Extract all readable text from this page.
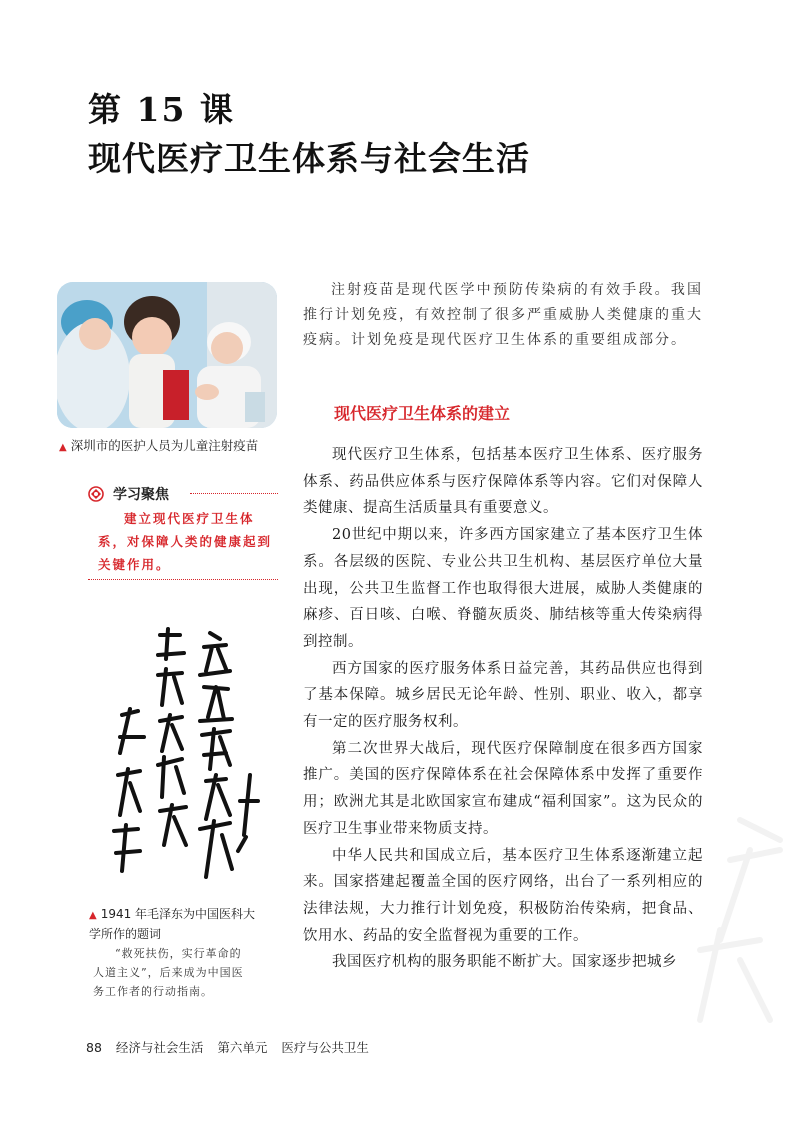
第 15 课
现代医疗卫生体系与社会生活
▲ 深圳市的医护人员为儿童注射疫苗
学习聚焦
建立现代医疗卫生体系，对保障人类的健康起到关键作用。
▲ 1941 年毛泽东为中国医科大学所作的题词
“救死扶伤，实行革命的人道主义”，后来成为中国医务工作者的行动指南。
注射疫苗是现代医学中预防传染病的有效手段。我国推行计划免疫，有效控制了很多严重威胁人类健康的重大疫病。计划免疫是现代医疗卫生体系的重要组成部分。
现代医疗卫生体系的建立

现代医疗卫生体系，包括基本医疗卫生体系、医疗服务体系、药品供应体系与医疗保障体系等内容。它们对保障人类健康、提高生活质量具有重要意义。

20世纪中期以来，许多西方国家建立了基本医疗卫生体系。各层级的医院、专业公共卫生机构、基层医疗单位大量出现，公共卫生监督工作也取得很大进展，威胁人类健康的麻疹、百日咳、白喉、脊髓灰质炎、肺结核等重大传染病得到控制。

西方国家的医疗服务体系日益完善，其药品供应也得到了基本保障。城乡居民无论年龄、性别、职业、收入，都享有一定的医疗服务权利。

第二次世界大战后，现代医疗保障制度在很多西方国家推广。美国的医疗保障体系在社会保障体系中发挥了重要作用；欧洲尤其是北欧国家宣布建成“福利国家”。这为民众的医疗卫生事业带来物质支持。

中华人民共和国成立后，基本医疗卫生体系逐渐建立起来。国家搭建起覆盖全国的医疗网络，出台了一系列相应的法律法规，大力推行计划免疫，积极防治传染病，把食品、饮用水、药品的安全监督视为重要的工作。

我国医疗机构的服务职能不断扩大。国家逐步把城乡

88 经济与社会生活 第六单元 医疗与公共卫生
